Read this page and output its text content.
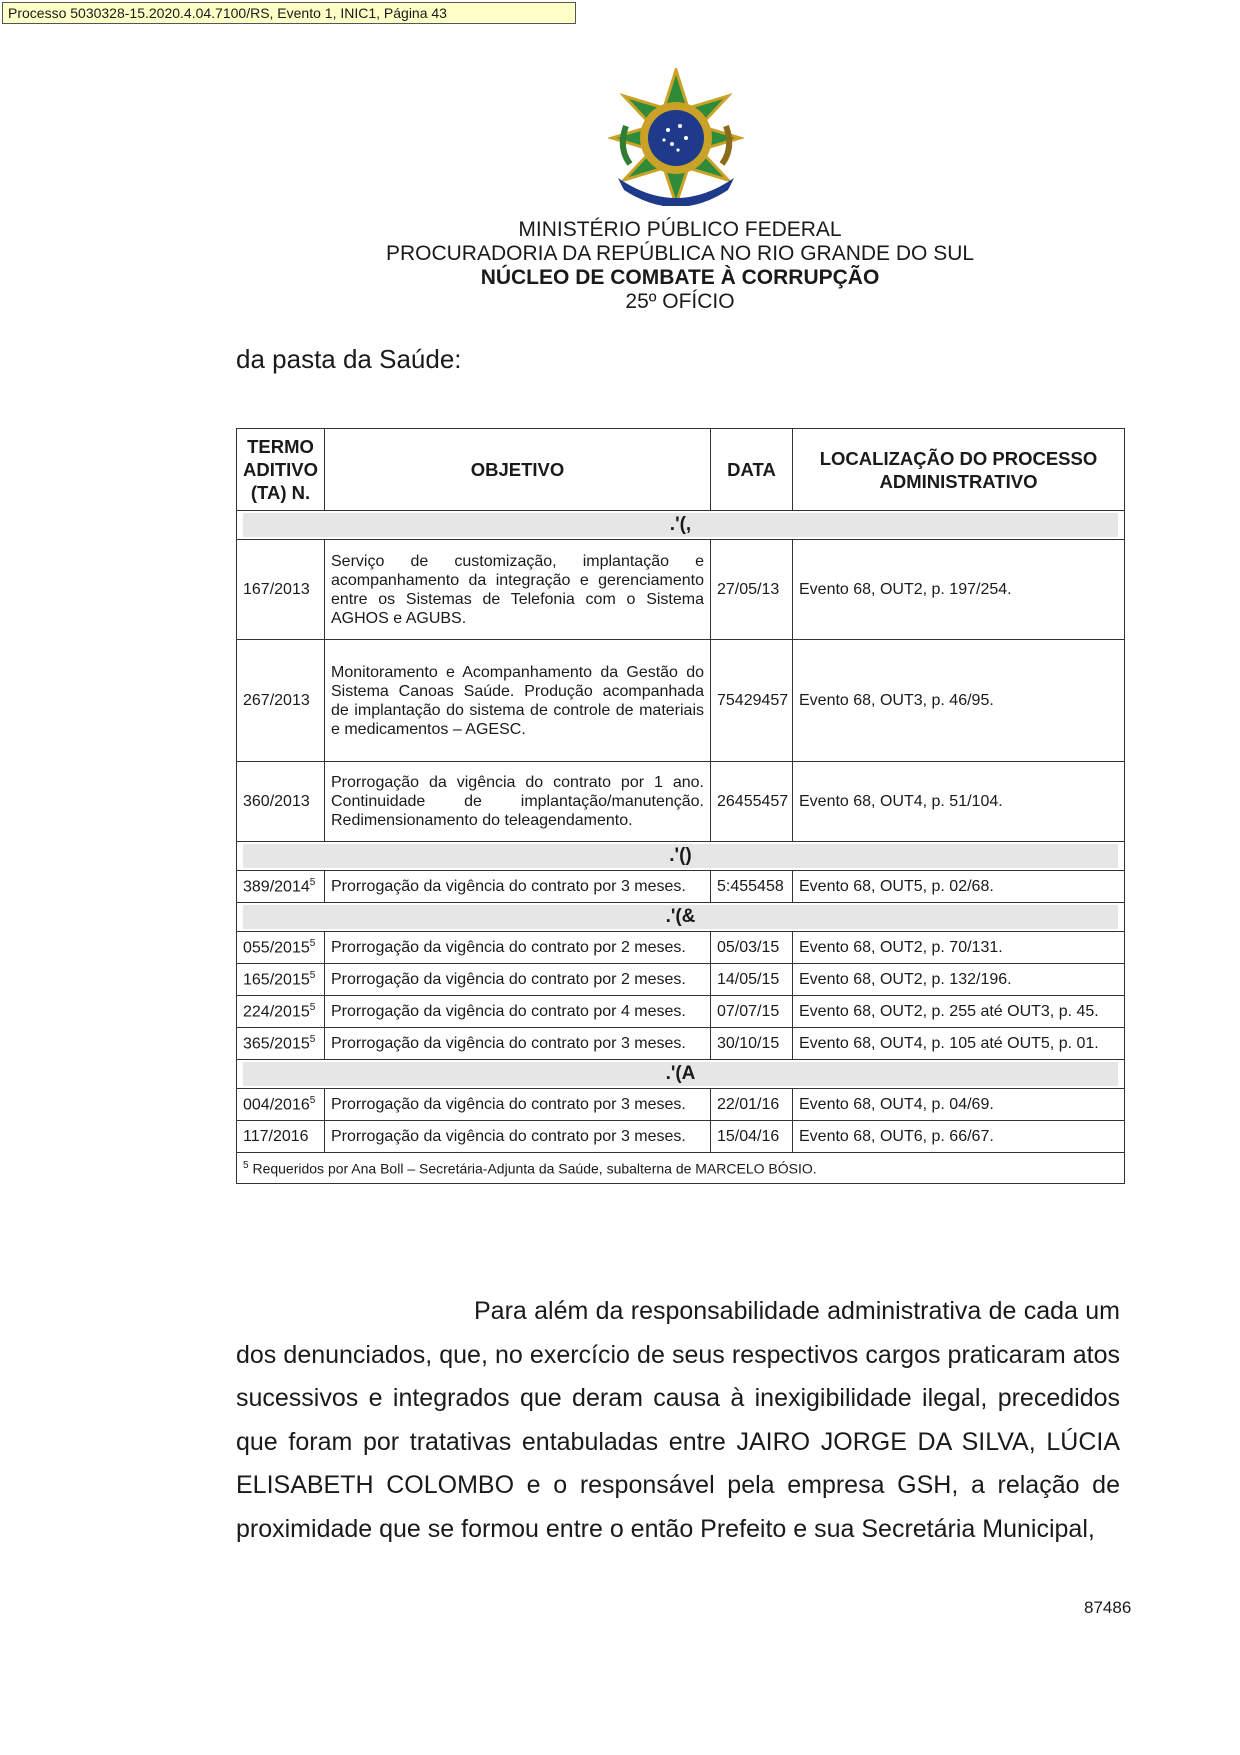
Processo 5030328-15.2020.4.04.7100/RS, Evento 1, INIC1, Página 43
MINISTÉRIO PÚBLICO FEDERAL
PROCURADORIA DA REPÚBLICA NO RIO GRANDE DO SUL
NÚCLEO DE COMBATE À CORRUPÇÃO
25º OFÍCIO
da pasta da Saúde:
TERMO ADITIVO (TA) N.	OBJETIVO	DATA	LOCALIZAÇÃO DO PROCESSO ADMINISTRATIVO

.'(,			

167/2013	Serviço de customização, implantação e acompanhamento da integração e gerenciamento entre os Sistemas de Telefonia com o Sistema AGHOS e AGUBS.	27/05/13	Evento 68, OUT2, p. 197/254.
267/2013	Monitoramento e Acompanhamento da Gestão do Sistema Canoas Saúde. Produção acompanhada de implantação do sistema de controle de materiais e medicamentos – AGESC.	75429457	Evento 68, OUT3, p. 46/95.
360/2013	Prorrogação da vigência do contrato por 1 ano. Continuidade de implantação/manutenção. Redimensionamento do teleagendamento.	26455457	Evento 68, OUT4, p. 51/104.

.'()			

389/2014$^5$	Prorrogação da vigência do contrato por 3 meses.	5:455458	Evento 68, OUT5, p. 02/68.

.'(&			

055/2015$^5$	Prorrogação da vigência do contrato por 2 meses.	05/03/15	Evento 68, OUT2, p. 70/131.
165/2015$^5$	Prorrogação da vigência do contrato por 2 meses.	14/05/15	Evento 68, OUT2, p. 132/196.
224/2015$^5$	Prorrogação da vigência do contrato por 4 meses.	07/07/15	Evento 68, OUT2, p. 255 até OUT3, p. 45.
365/2015$^5$	Prorrogação da vigência do contrato por 3 meses.	30/10/15	Evento 68, OUT4, p. 105 até OUT5, p. 01.

.'(A			

004/2016$^5$	Prorrogação da vigência do contrato por 3 meses.	22/01/16	Evento 68, OUT4, p. 04/69.
117/2016	Prorrogação da vigência do contrato por 3 meses.	15/04/16	Evento 68, OUT6, p. 66/67.
$^5$ Requeridos por Ana Boll – Secretária-Adjunta da Saúde, subalterna de MARCELO BÓSIO.			

Para além da responsabilidade administrativa de cada um dos denunciados, que, no exercício de seus respectivos cargos praticaram atos sucessivos e integrados que deram causa à inexigibilidade ilegal, precedidos que foram por tratativas entabuladas entre JAIRO JORGE DA SILVA, LÚCIA ELISABETH COLOMBO e o responsável pela empresa GSH, a relação de proximidade que se formou entre o então Prefeito e sua Secretária Municipal,

87486
